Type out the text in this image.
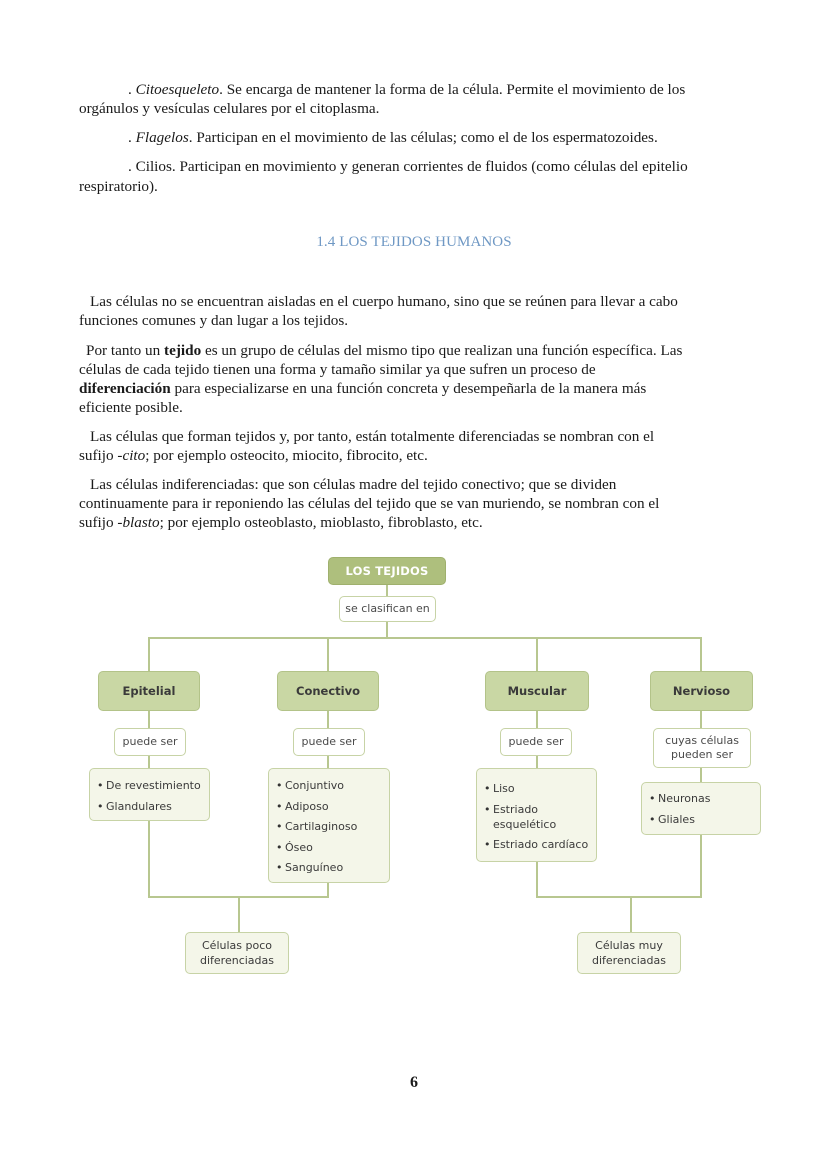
. Citoesqueleto. Se encarga de mantener la forma de la célula. Permite el movimiento de los
orgánulos y vesículas celulares por el citoplasma.
. Flagelos. Participan en el movimiento de las células; como el de los espermatozoides.
. Cilios. Participan en movimiento y generan corrientes de fluidos (como células del epitelio
respiratorio).
1.4 LOS TEJIDOS HUMANOS
Las células no se encuentran aisladas en el cuerpo humano, sino que se reúnen para llevar a cabo
funciones comunes y dan lugar a los tejidos.
Por tanto un tejido es un grupo de células del mismo tipo que realizan una función específica. Las
células de cada tejido tienen una forma y tamaño similar ya que sufren un proceso de
diferenciación para especializarse en una función concreta y desempeñarla de la manera más
eficiente posible.
Las células que forman tejidos y, por tanto, están totalmente diferenciadas se nombran con el
sufijo -cito; por ejemplo osteocito, miocito, fibrocito, etc.
Las células indiferenciadas: que son células madre del tejido conectivo; que se dividen
continuamente para ir reponiendo las células del tejido que se van muriendo, se nombran con el
sufijo -blasto; por ejemplo osteoblasto, mioblasto, fibroblasto, etc.
LOS TEJIDOS
se clasifican en
Epitelial	Conectivo	Muscular	Nervioso
puede ser	puede ser	puede ser	cuyas células
pueden ser
• De revestimiento
• Glandulares
• Conjuntivo
• Adiposo
• Cartilaginoso
• Óseo
• Sanguíneo
• Liso
• Estriado esquelético
• Estriado cardíaco
• Neuronas
• Gliales
Células poco
diferenciadas
Células muy
diferenciadas
6
